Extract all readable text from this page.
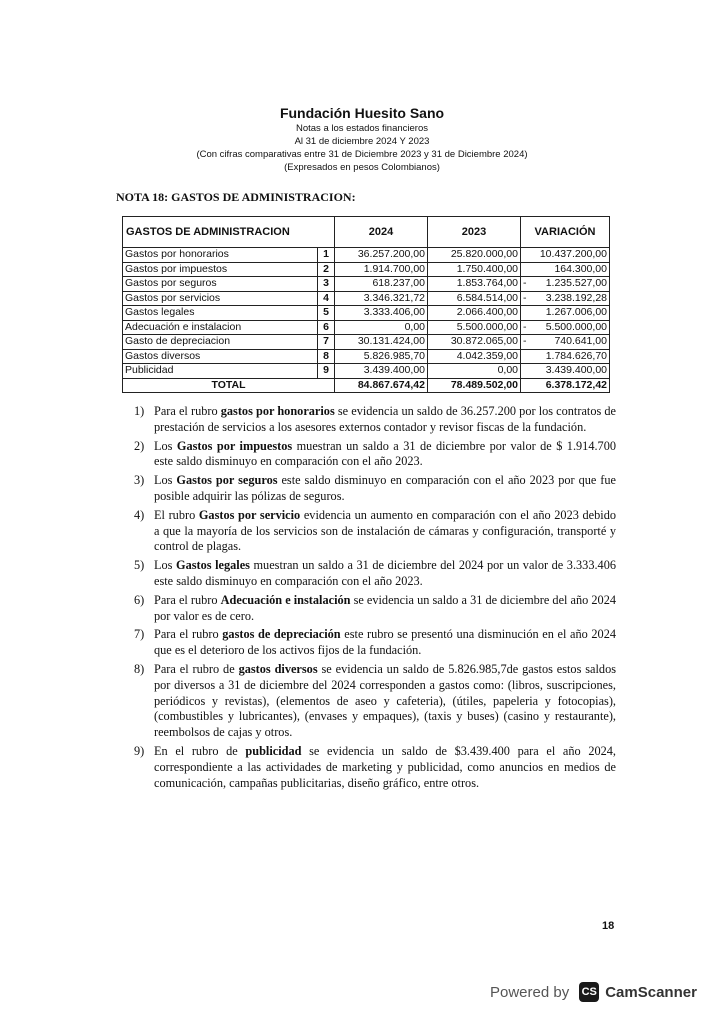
Fundación Huesito Sano
Notas a los estados financieros
Al 31 de diciembre 2024 Y 2023
(Con cifras comparativas entre 31 de Diciembre 2023 y 31 de Diciembre 2024)
(Expresados en pesos Colombianos)
NOTA 18: GASTOS DE ADMINISTRACION:
GASTOS DE ADMINISTRACION		2024	2023	VARIACIÓN
Gastos por honorarios	1	36.257.200,00	25.820.000,00	10.437.200,00
Gastos por impuestos	2	1.914.700,00	1.750.400,00	164.300,00
Gastos por seguros	3	618.237,00	1.853.764,00	- 1.235.527,00
Gastos por servicios	4	3.346.321,72	6.584.514,00	- 3.238.192,28
Gastos legales	5	3.333.406,00	2.066.400,00	1.267.006,00
Adecuación e instalacion	6	0,00	5.500.000,00	- 5.500.000,00
Gasto de depreciacion	7	30.131.424,00	30.872.065,00	- 740.641,00
Gastos diversos	8	5.826.985,70	4.042.359,00	1.784.626,70
Publicidad	9	3.439.400,00	0,00	3.439.400,00
TOTAL		84.867.674,42	78.489.502,00	6.378.172,42
1) Para el rubro gastos por honorarios se evidencia un saldo de 36.257.200 por los contratos de prestación de servicios a los asesores externos contador y revisor fiscas de la fundación.
2) Los Gastos por impuestos muestran un saldo a 31 de diciembre por valor de $ 1.914.700 este saldo disminuyo en comparación con el año 2023.
3) Los Gastos por seguros este saldo disminuyo en comparación con el año 2023 por que fue posible adquirir las pólizas de seguros.
4) El rubro Gastos por servicio evidencia un aumento en comparación con el año 2023 debido a que la mayoría de los servicios son de instalación de cámaras y configuración, transporté y control de plagas.
5) Los Gastos legales muestran un saldo a 31 de diciembre del 2024 por un valor de 3.333.406 este saldo disminuyo en comparación con el año 2023.
6) Para el rubro Adecuación e instalación se evidencia un saldo a 31 de diciembre del año 2024 por valor es de cero.
7) Para el rubro gastos de depreciación este rubro se presentó una disminución en el año 2024 que es el deterioro de los activos fijos de la fundación.
8) Para el rubro de gastos diversos se evidencia un saldo de 5.826.985,7de gastos estos saldos por diversos a 31 de diciembre del 2024 corresponden a gastos como: (libros, suscripciones, periódicos y revistas), (elementos de aseo y cafeteria), (útiles, papeleria y fotocopias), (combustibles y lubricantes), (envases y empaques), (taxis y buses) (casino y restaurante), reembolsos de cajas y otros.
9) En el rubro de publicidad se evidencia un saldo de $3.439.400 para el año 2024, correspondiente a las actividades de marketing y publicidad, como anuncios en medios de comunicación, campañas publicitarias, diseño gráfico, entre otros.
18
Powered by CS CamScanner
